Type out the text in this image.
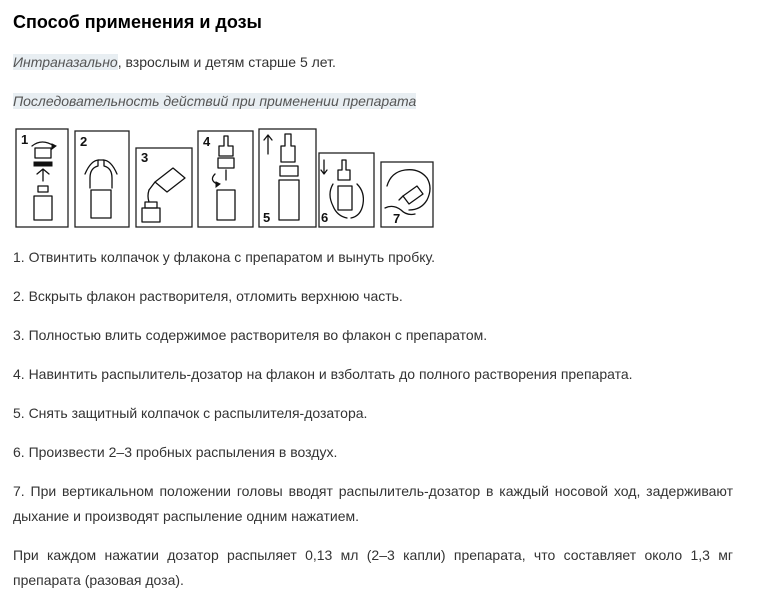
Способ применения и дозы

Интраназально, взрослым и детям старше 5 лет.

Последовательность действий при применении препарата

1	2
3
4
5	6	7

1. Отвинтить колпачок у флакона с препаратом и вынуть пробку.

2. Вскрыть флакон растворителя, отломить верхнюю часть.

3. Полностью влить содержимое растворителя во флакон с препаратом.

4. Навинтить распылитель-дозатор на флакон и взболтать до полного растворения препарата.

5. Снять защитный колпачок с распылителя-дозатора.

6. Произвести 2–3 пробных распыления в воздух.

7. При вертикальном положении головы вводят распылитель-дозатор в каждый носовой ход, задерживают дыхание и производят распыление одним нажатием.

При каждом нажатии дозатор распыляет 0,13 мл (2–3 капли) препарата, что составляет около 1,3 мг препарата (разовая доза).
